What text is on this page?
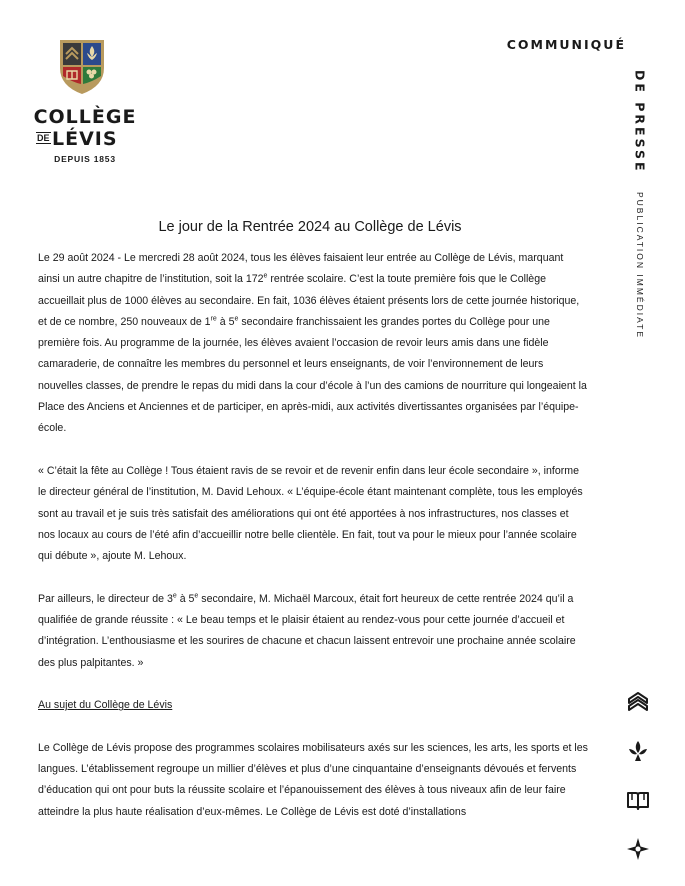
COLLÈGE
DE LÉVIS
DEPUIS 1853
COMMUNIQUÉ
DE PRESSE
PUBLICATION IMMÉDIATE
Le jour de la Rentrée 2024 au Collège de Lévis

Le 29 août 2024 - Le mercredi 28 août 2024, tous les élèves faisaient leur entrée au Collège de Lévis, marquant ainsi un autre chapitre de l’institution, soit la 172e rentrée scolaire. C’est la toute première fois que le Collège accueillait plus de 1000 élèves au secondaire. En fait, 1036 élèves étaient présents lors de cette journée historique, et de ce nombre, 250 nouveaux de 1re à 5e secondaire franchissaient les grandes portes du Collège pour une première fois. Au programme de la journée, les élèves avaient l’occasion de revoir leurs amis dans une fidèle camaraderie, de connaître les membres du personnel et leurs enseignants, de voir l’environnement de leurs nouvelles classes, de prendre le repas du midi dans la cour d’école à l’un des camions de nourriture qui longeaient la Place des Anciens et Anciennes et de participer, en après-midi, aux activités divertissantes organisées par l’équipe-école.

« C’était la fête au Collège ! Tous étaient ravis de se revoir et de revenir enfin dans leur école secondaire », informe le directeur général de l’institution, M. David Lehoux. « L’équipe-école étant maintenant complète, tous les employés sont au travail et je suis très satisfait des améliorations qui ont été apportées à nos infrastructures, nos classes et nos locaux au cours de l’été afin d’accueillir notre belle clientèle. En fait, tout va pour le mieux pour l’année scolaire qui débute », ajoute M. Lehoux.

Par ailleurs, le directeur de 3e à 5e secondaire, M. Michaël Marcoux, était fort heureux de cette rentrée 2024 qu’il a qualifiée de grande réussite : « Le beau temps et le plaisir étaient au rendez-vous pour cette journée d’accueil et d’intégration. L’enthousiasme et les sourires de chacune et chacun laissent entrevoir une prochaine année scolaire des plus palpitantes. »

Au sujet du Collège de Lévis

Le Collège de Lévis propose des programmes scolaires mobilisateurs axés sur les sciences, les arts, les sports et les langues. L’établissement regroupe un millier d’élèves et plus d’une cinquantaine d’enseignants dévoués et fervents d’éducation qui ont pour buts la réussite scolaire et l’épanouissement des élèves à tous niveaux afin de leur faire atteindre la plus haute réalisation d’eux-mêmes. Le Collège de Lévis est doté d’installations
